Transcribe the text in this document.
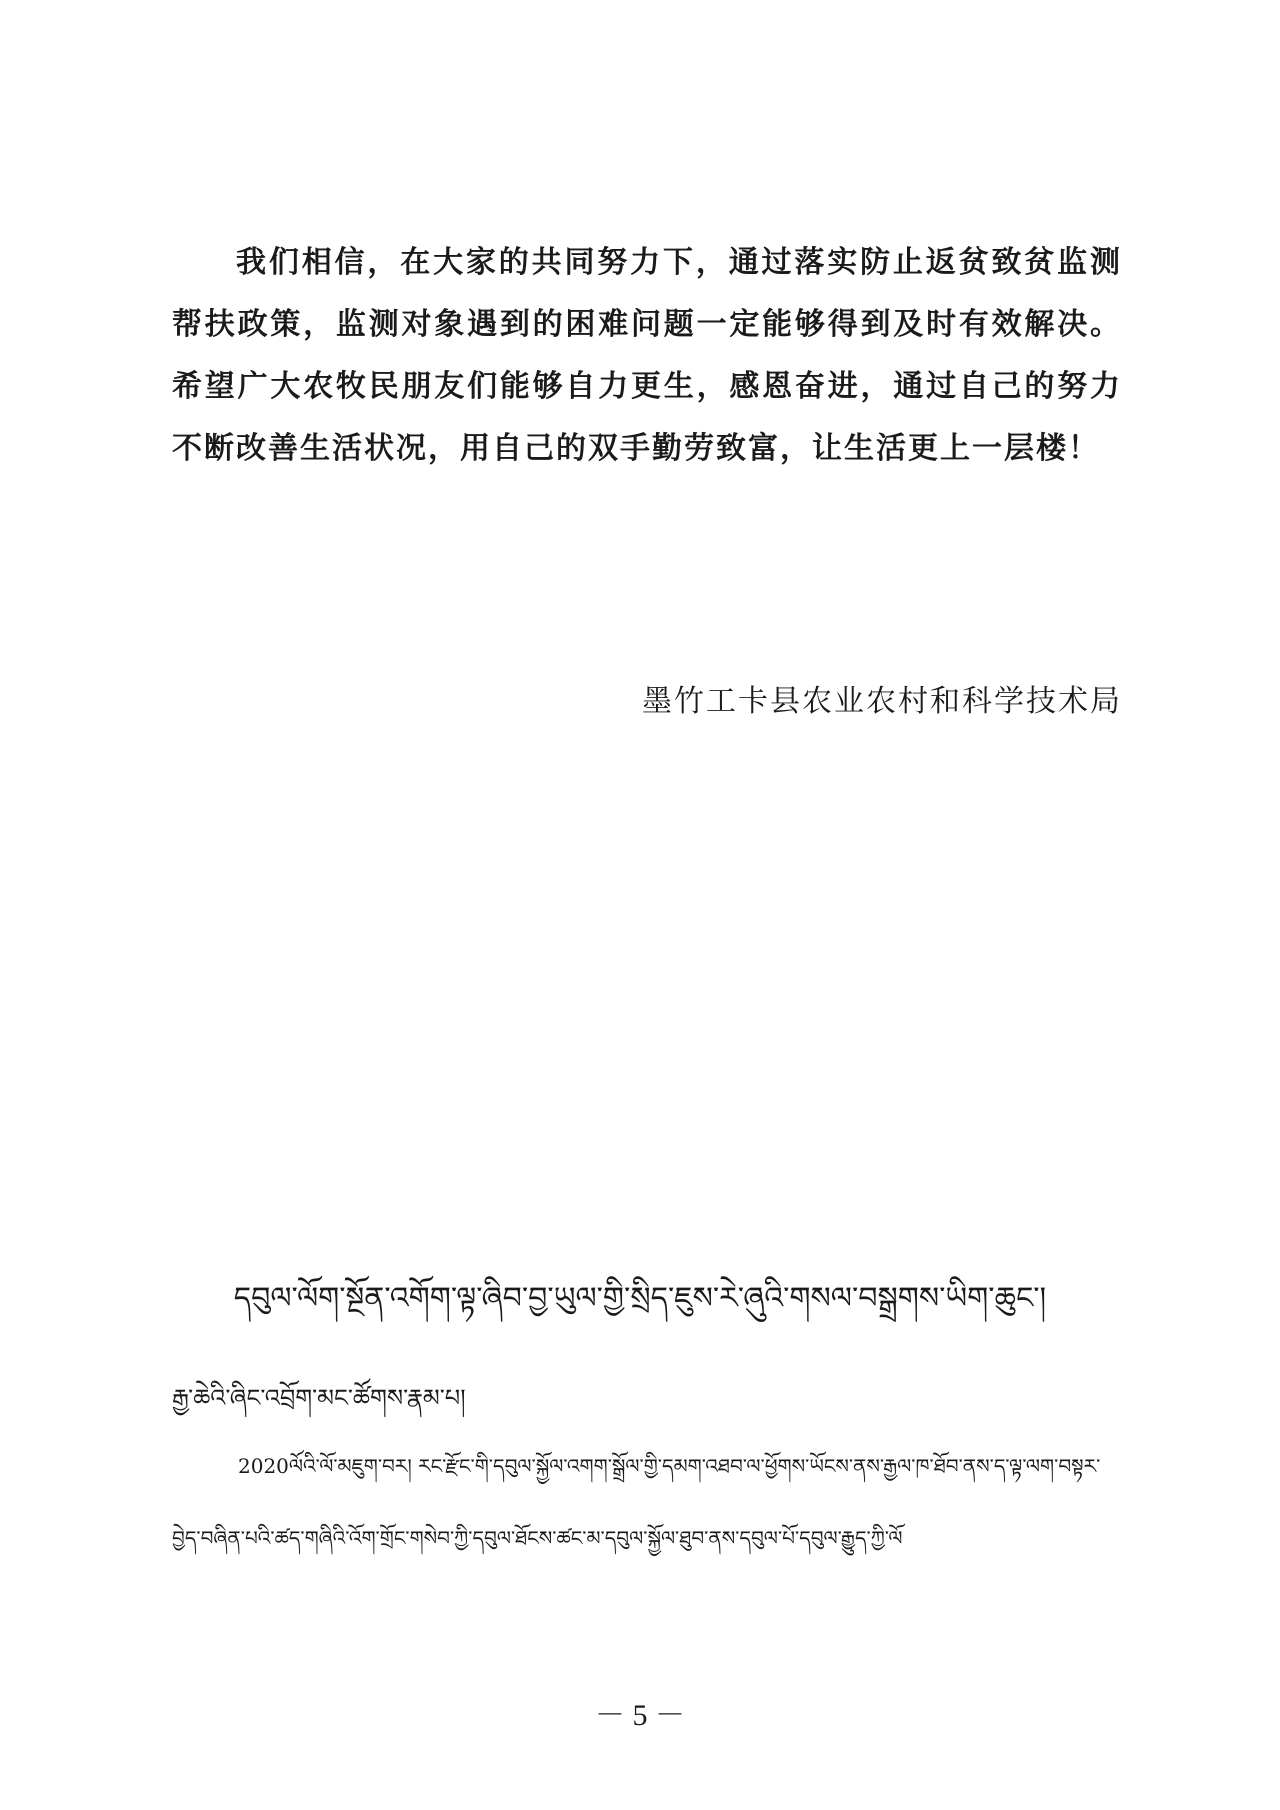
我们相信，在大家的共同努力下，通过落实防止返贫致贫监测帮扶政策，监测对象遇到的困难问题一定能够得到及时有效解决。希望广大农牧民朋友们能够自力更生，感恩奋进，通过自己的努力不断改善生活状况，用自己的双手勤劳致富，让生活更上一层楼！

墨竹工卡县农业农村和科学技术局

དབུལ་ལོག་སྔོན་འགོག་ལྟ་ཞིབ་བྱ་ཡུལ་གྱི་སྲིད་ཇུས་རེ་ཞུའི་གསལ་བསྒྲགས་ཡིག་ཆུང་།

རྒྱ་ཆེའི་ཞིང་འབྲོག་མང་ཚོགས་རྣམ་པ།

2020ལོའི་ལོ་མཇུག་བར། རང་རྫོང་གི་དབུལ་སྐྱོལ་འགག་སྒྲོལ་གྱི་དམག་འཐབ་ལ་ཕྱོགས་ཡོངས་ནས་རྒྱལ་ཁ་ཐོབ་ནས་ད་ལྟ་ལག་བསྟར་བྱེད་བཞིན་པའི་ཚད་གཞིའི་འོག་གྲོང་གསེབ་ཀྱི་དབུལ་ཐོངས་ཚང་མ་དབུལ་སྐྱོལ་ཐུབ་ནས་དབུལ་པོ་དབུལ་རྒྱུད་ཀྱི་ལོ

－ 5 －
